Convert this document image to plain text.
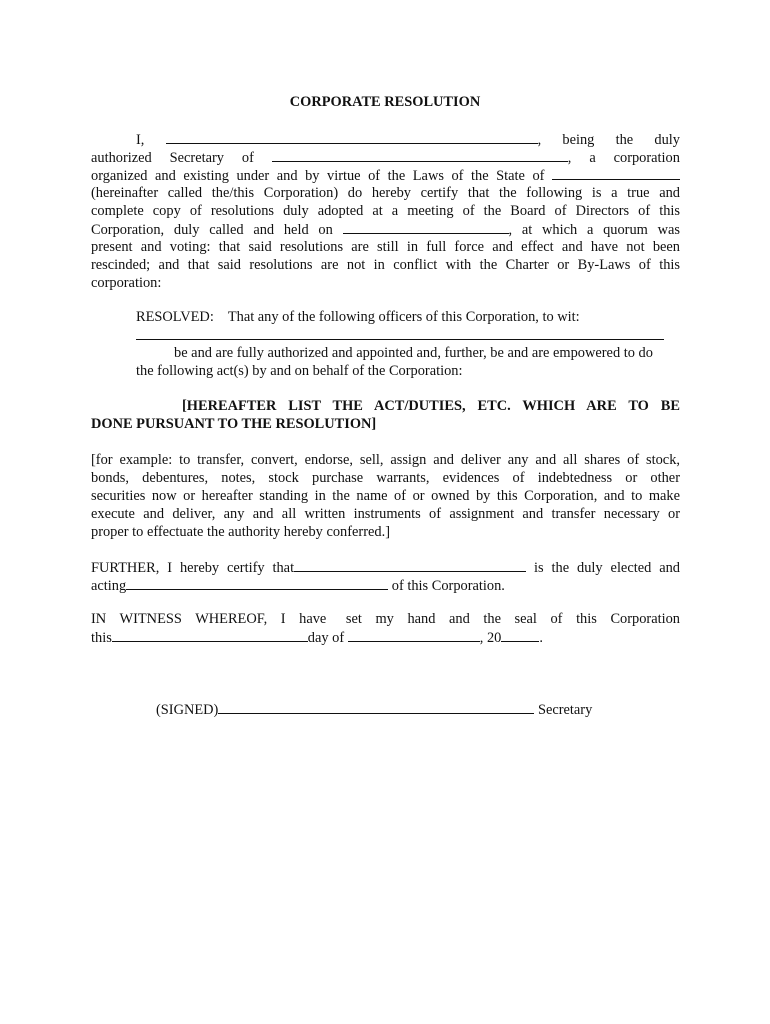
CORPORATE RESOLUTION
I,	, being the duly
authorized Secretary of	, a corporation
organized and existing under and by virtue of the Laws of the State of
(hereinafter called the/this Corporation) do hereby certify that the following is a true and
complete copy of resolutions duly adopted at a meeting of the Board of Directors of this
Corporation, duly called and held on	, at which a quorum was
present and voting: that said resolutions are still in full force and effect and have not been
rescinded; and that said resolutions are not in conflict with the Charter or By-Laws of this
corporation:
RESOLVED: That any of the following officers of this Corporation, to wit:
be and are fully authorized and appointed and, further, be and are empowered to do
the following act(s) by and on behalf of the Corporation:
[HEREAFTER LIST THE ACT/DUTIES, ETC. WHICH ARE TO BE
DONE PURSUANT TO THE RESOLUTION]
[for example: to transfer, convert, endorse, sell, assign and deliver any and all shares of stock,
bonds, debentures, notes, stock purchase warrants, evidences of indebtedness or other
securities now or hereafter standing in the name of or owned by this Corporation, and to make
execute and deliver, any and all written instruments of assignment and transfer necessary or
proper to effectuate the authority hereby conferred.]
FURTHER, I hereby certify that	is the duly elected and
acting	of this Corporation.
IN WITNESS WHEREOF, I have set my hand and the seal of this Corporation
this	day of	, 20	.
(SIGNED)	Secretary
